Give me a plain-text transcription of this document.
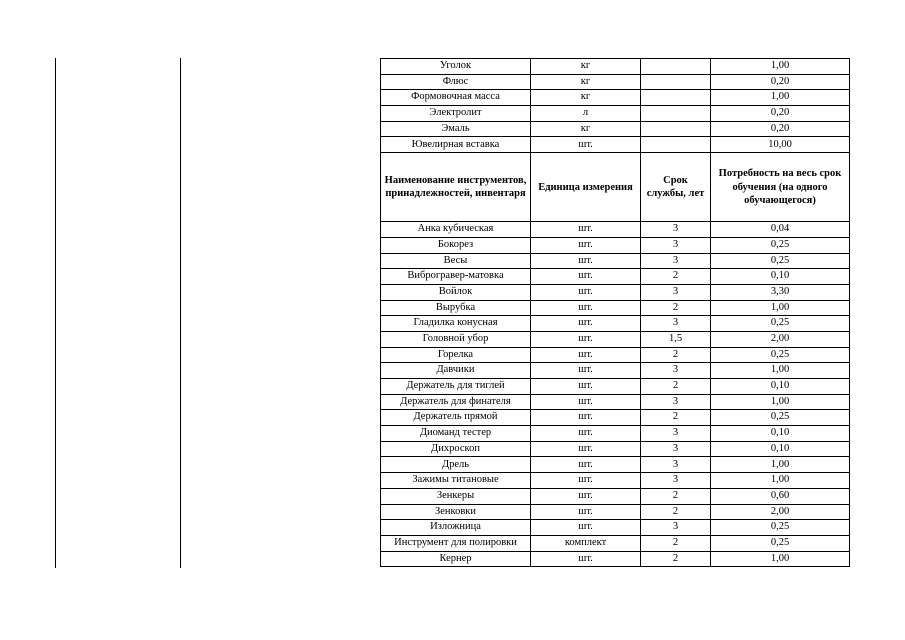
Уголок	кг		1,00
Флюс	кг		0,20
Формовочная масса	кг		1,00
Электролит	л		0,20
Эмаль	кг		0,20
Ювелирная вставка	шт.		10,00
Наименование инструментов, принадлежностей, инвентаря	Единица измерения	Срок службы, лет	Потребность на весь срок обучения (на одного обучающегося)
Анка кубическая	шт.	3	0,04
Бокорез	шт.	3	0,25
Весы	шт.	3	0,25
Виброгравер-матовка	шт.	2	0,10
Войлок	шт.	3	3,30
Вырубка	шт.	2	1,00
Гладилка конусная	шт.	3	0,25
Головной убор	шт.	1,5	2,00
Горелка	шт.	2	0,25
Давчики	шт.	3	1,00
Держатель для тиглей	шт.	2	0,10
Держатель для финателя	шт.	3	1,00
Держатель прямой	шт.	2	0,25
Диоманд тестер	шт.	3	0,10
Дихроскоп	шт.	3	0,10
Дрель	шт.	3	1,00
Зажимы титановые	шт.	3	1,00
Зенкеры	шт.	2	0,60
Зенковки	шт.	2	2,00
Изложница	шт.	3	0,25
Инструмент для полировки	комплект	2	0,25
Кернер	шт.	2	1,00
